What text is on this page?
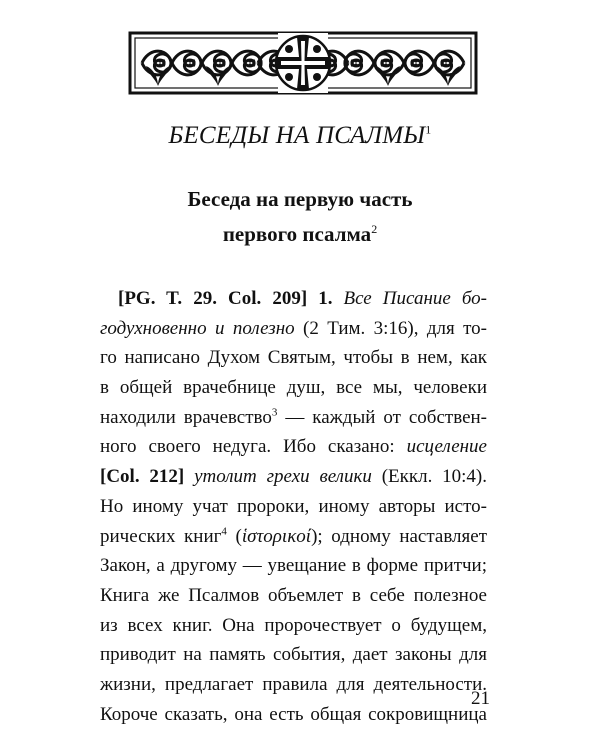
БЕСЕДЫ НА ПСАЛМЫ$^1$
Беседа на первую часть
первого псалма$^2$
[PG. T. 29. Col. 209] 1. Все Писание бо-
годухновенно и полезно (2 Тим. 3:16), для то-
го написано Духом Святым, чтобы в нем, как
в общей врачебнице душ, все мы, человеки
находили врачевство$^3$ — каждый от собствен-
ного своего недуга. Ибо сказано: исцеление
[Col. 212] утолит грехи велики (Еккл. 10:4).
Но иному учат пророки, иному авторы исто-
рических книг$^4$ (ἱστορικοί); одному наставляет
Закон, а другому — увещание в форме притчи;
Книга же Псалмов объемлет в себе полезное
из всех книг. Она пророчествует о будущем,
приводит на память события, дает законы для
жизни, предлагает правила для деятельности.
Короче сказать, она есть общая сокровищница
21
